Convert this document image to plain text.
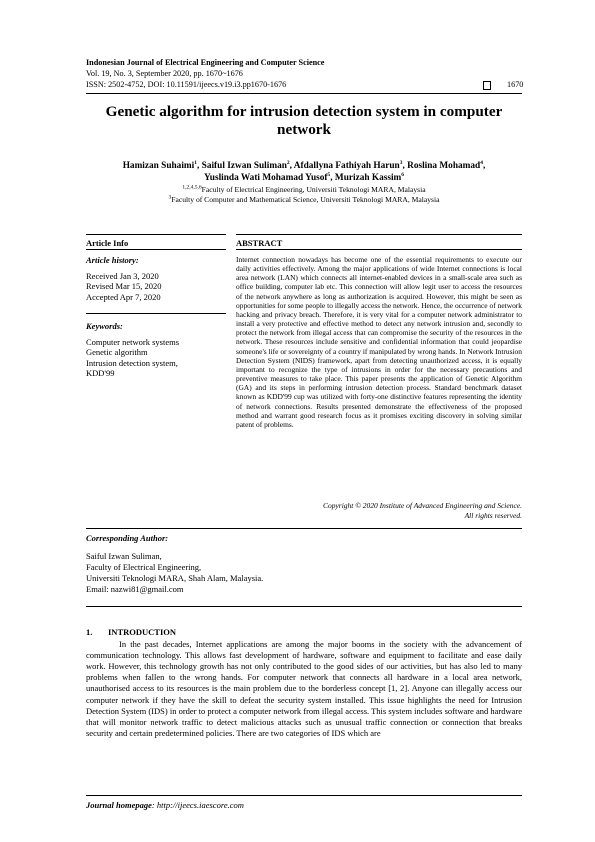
Indonesian Journal of Electrical Engineering and Computer Science
Vol. 19, No. 3, September 2020, pp. 1670~1676
ISSN: 2502-4752, DOI: 10.11591/ijeecs.v19.i3.pp1670-1676	1670
Genetic algorithm for intrusion detection system in computer network
Hamizan Suhaimi$^1$, Saiful Izwan Suliman$^2$, Afdallyna Fathiyah Harun$^3$, Roslina Mohamad$^4$,
Yuslinda Wati Mohamad Yusof$^5$, Murizah Kassim$^6$
$^{1,2,4,5,6}$Faculty of Electrical Engineering, Universiti Teknologi MARA, Malaysia
$^3$Faculty of Computer and Mathematical Science, Universiti Teknologi MARA, Malaysia
Article Info	ABSTRACT
Article history:
Received Jan 3, 2020
Revised Mar 15, 2020
Accepted Apr 7, 2020
Keywords:
Computer network systems
Genetic algorithm
Intrusion detection system,
KDD'99
Internet connection nowadays has become one of the essential requirements to execute our daily activities effectively. Among the major applications of wide Internet connections is local area network (LAN) which connects all internet-enabled devices in a small-scale area such as office building, computer lab etc. This connection will allow legit user to access the resources of the network anywhere as long as authorization is acquired. However, this might be seen as opportunities for some people to illegally access the network. Hence, the occurrence of network hacking and privacy breach. Therefore, it is very vital for a computer network administrator to install a very protective and effective method to detect any network intrusion and, secondly to protect the network from illegal access that can compromise the security of the resources in the network. These resources include sensitive and confidential information that could jeopardise someone's life or sovereignty of a country if manipulated by wrong hands. In Network Intrusion Detection System (NIDS) framework, apart from detecting unauthorized access, it is equally important to recognize the type of intrusions in order for the necessary precautions and preventive measures to take place. This paper presents the application of Genetic Algorithm (GA) and its steps in performing intrusion detection process. Standard benchmark dataset known as KDD'99 cup was utilized with forty-one distinctive features representing the identity of network connections. Results presented demonstrate the effectiveness of the proposed method and warrant good research focus as it promises exciting discovery in solving similar patent of problems.
Copyright © 2020 Institute of Advanced Engineering and Science.
All rights reserved.
Corresponding Author:
Saiful Izwan Suliman,
Faculty of Electrical Engineering,
Universiti Teknologi MARA, Shah Alam, Malaysia.
Email: nazwi81@gmail.com
1. INTRODUCTION
In the past decades, Internet applications are among the major booms in the society with the advancement of communication technology. This allows fast development of hardware, software and equipment to facilitate and ease daily work. However, this technology growth has not only contributed to the good sides of our activities, but has also led to many problems when fallen to the wrong hands. For computer network that connects all hardware in a local area network, unauthorised access to its resources is the main problem due to the borderless concept [1, 2]. Anyone can illegally access our computer network if they have the skill to defeat the security system installed. This issue highlights the need for Intrusion Detection System (IDS) in order to protect a computer network from illegal access. This system includes software and hardware that will monitor network traffic to detect malicious attacks such as unusual traffic connection or connection that breaks security and certain predetermined policies. There are two categories of IDS which are
Journal homepage: http://ijeecs.iaescore.com
